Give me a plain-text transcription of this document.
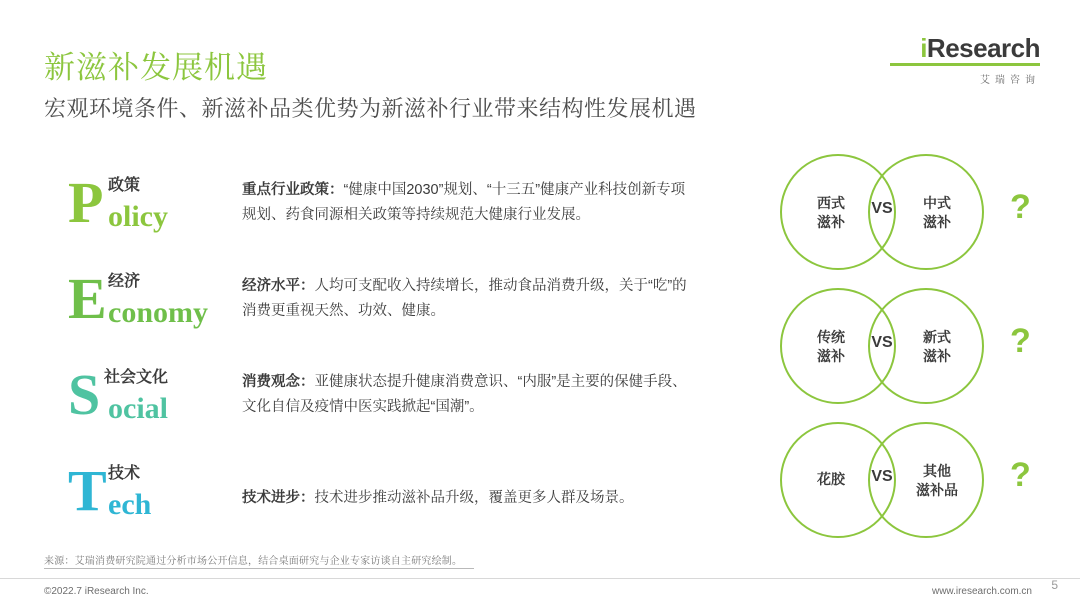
新滋补发展机遇
宏观环境条件、新滋补品类优势为新滋补行业带来结构性发展机遇
iResearch
艾瑞咨询
P 政策
olicy
重点行业政策：“健康中国2030”规划、“十三五”健康产业科技创新专项规划、药食同源相关政策等持续规范大健康行业发展。
E 经济
conomy
经济水平：人均可支配收入持续增长，推动食品消费升级，关于“吃”的消费更重视天然、功效、健康。
S 社会文化
ocial
消费观念：亚健康状态提升健康消费意识、“内服”是主要的保健手段、文化自信及疫情中医实践掀起“国潮”。
T 技术
ech	技术进步：技术进步推动滋补品升级，覆盖更多人群及场景。
西式
滋补
中式
滋补
VS	?
传统
滋补
新式
滋补
VS	?
花胶	其他
滋补品
VS	?
来源：艾瑞消费研究院通过分析市场公开信息，结合桌面研究与企业专家访谈自主研究绘制。
©2022.7 iResearch Inc.	www.iresearch.com.cn 5
